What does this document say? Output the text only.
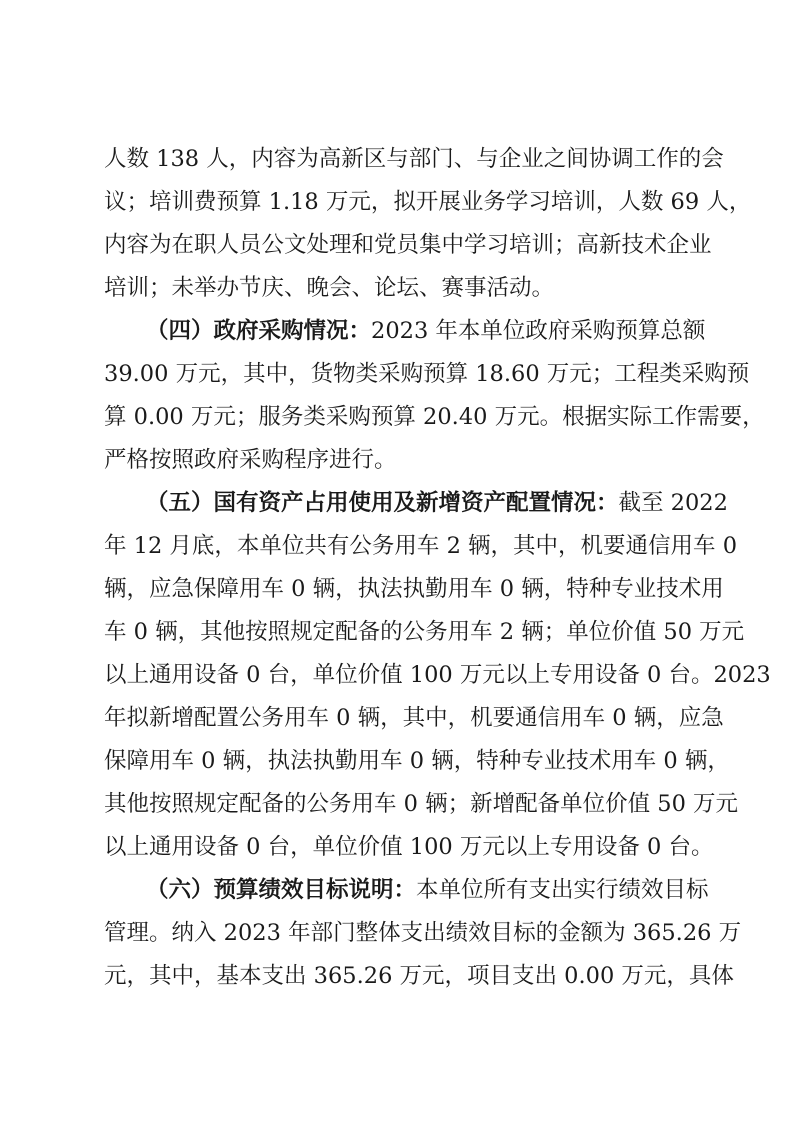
人数 138 人，内容为高新区与部门、与企业之间协调工作的会
议；培训费预算 1.18 万元，拟开展业务学习培训，人数 69 人，
内容为在职人员公文处理和党员集中学习培训；高新技术企业
培训；未举办节庆、晚会、论坛、赛事活动。
（四）政府采购情况：2023 年本单位政府采购预算总额
39.00 万元，其中，货物类采购预算 18.60 万元；工程类采购预
算 0.00 万元；服务类采购预算 20.40 万元。根据实际工作需要，
严格按照政府采购程序进行。
（五）国有资产占用使用及新增资产配置情况：截至 2022
年 12 月底，本单位共有公务用车 2 辆，其中，机要通信用车 0
辆，应急保障用车 0 辆，执法执勤用车 0 辆，特种专业技术用
车 0 辆，其他按照规定配备的公务用车 2 辆；单位价值 50 万元
以上通用设备 0 台，单位价值 100 万元以上专用设备 0 台。2023
年拟新增配置公务用车 0 辆，其中，机要通信用车 0 辆，应急
保障用车 0 辆，执法执勤用车 0 辆，特种专业技术用车 0 辆，
其他按照规定配备的公务用车 0 辆；新增配备单位价值 50 万元
以上通用设备 0 台，单位价值 100 万元以上专用设备 0 台。
（六）预算绩效目标说明：本单位所有支出实行绩效目标
管理。纳入 2023 年部门整体支出绩效目标的金额为 365.26 万
元，其中，基本支出 365.26 万元，项目支出 0.00 万元，具体
